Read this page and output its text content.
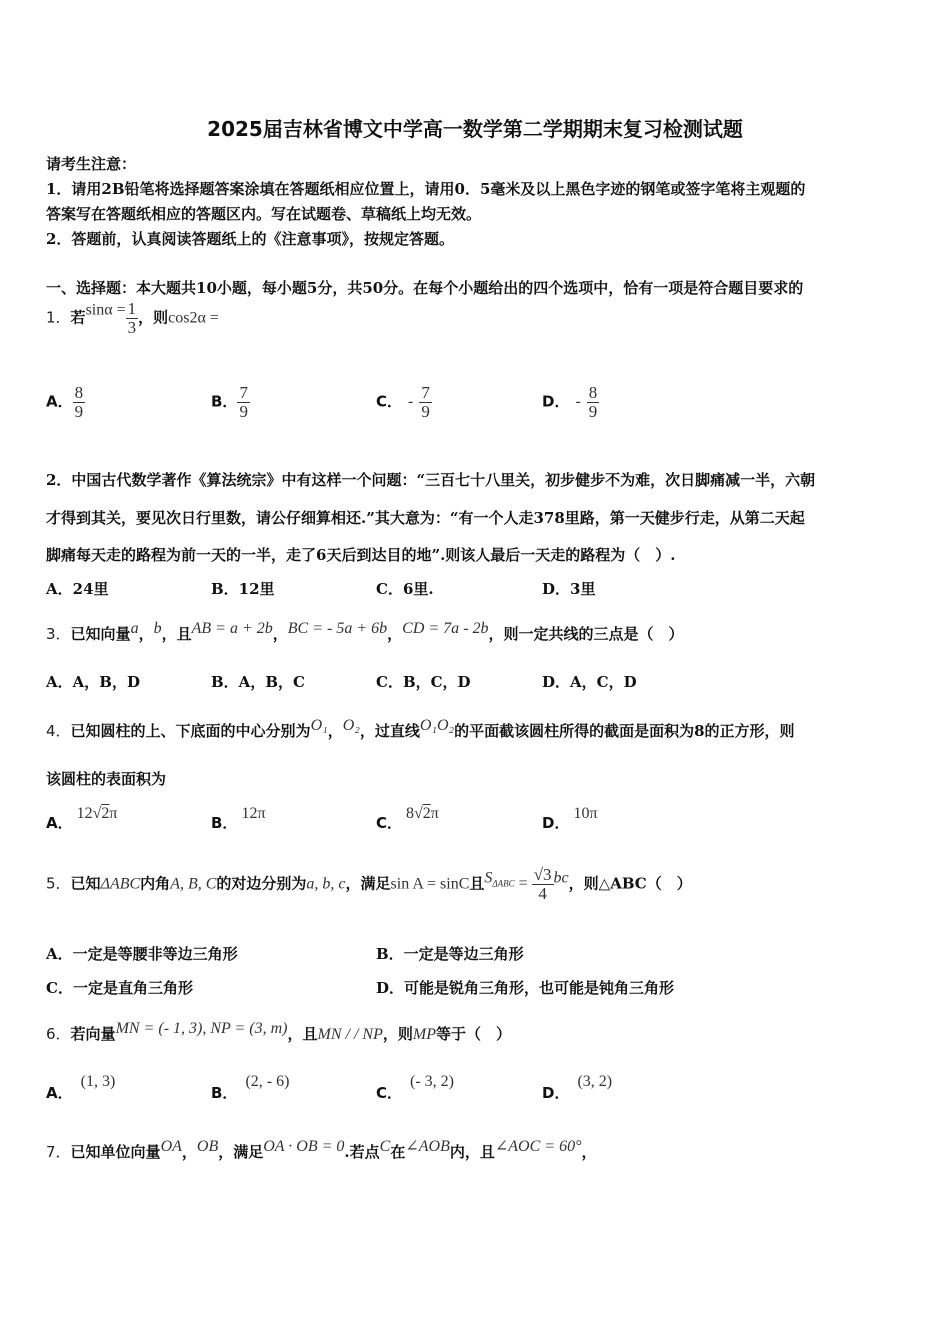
2025届吉林省博文中学高一数学第二学期期末复习检测试题
请考生注意：
1．请用2B铅笔将选择题答案涂填在答题纸相应位置上，请用0．5毫米及以上黑色字迹的钢笔或签字笔将主观题的
答案写在答题纸相应的答题区内。写在试题卷、草稿纸上均无效。
2．答题前，认真阅读答题纸上的《注意事项》，按规定答题。
一、选择题：本大题共10小题，每小题5分，共50分。在每个小题给出的四个选项中，恰有一项是符合题目要求的
1．若$\sin\alpha = \frac{1}{3}$ ，则cos2α =
A． $\frac{8}{9}$	B． $\frac{7}{9}$	C． - $\frac{7}{9}$	D． - $\frac{8}{9}$
2．中国古代数学著作《算法统宗》中有这样一个问题：“三百七十八里关，初步健步不为难，次日脚痛减一半，六朝
才得到其关，要见次日行里数，请公仔细算相还.”其大意为：“有一个人走378里路，第一天健步行走，从第二天起
脚痛每天走的路程为前一天的一半，走了6天后到达目的地”.则该人最后一天走的路程为（　）.
A．24里	B．12里	C．6里.	D．3里
3．已知向量a，b，且AB = a + 2b，BC = - 5a + 6b，CD = 7a - 2b，则一定共线的三点是（　）
A．A，B，D	B．A，B，C	C．B，C，D	D．A，C，D
4．已知圆柱的上、下底面的中心分别为O₁，O₂，过直线O₁O₂的平面截该圆柱所得的截面是面积为8的正方形，则
该圆柱的表面积为
A．12√2π
B．12π
C．8√2π
D．10π
5．已知ΔABC内角A, B, C的对边分别为a, b, c，满足sin A = sinC且$S\Delta ABC = \frac{√3}{4}$ bc，则△ABC（　）
A．一定是等腰非等边三角形	B．一定是等边三角形
C．一定是直角三角形	D．可能是锐角三角形，也可能是钝角三角形
6．若向量MN = (- 1, 3), NP = (3, m)，且MN / / NP，则MP等于（　）
A．(1, 3)
B．(2, - 6)
C．(- 3, 2)
D．(3, 2)
7．已知单位向量OA，OB，满足OA · OB = 0.若点C在∠AOB内，且∠AOC = 60°，
